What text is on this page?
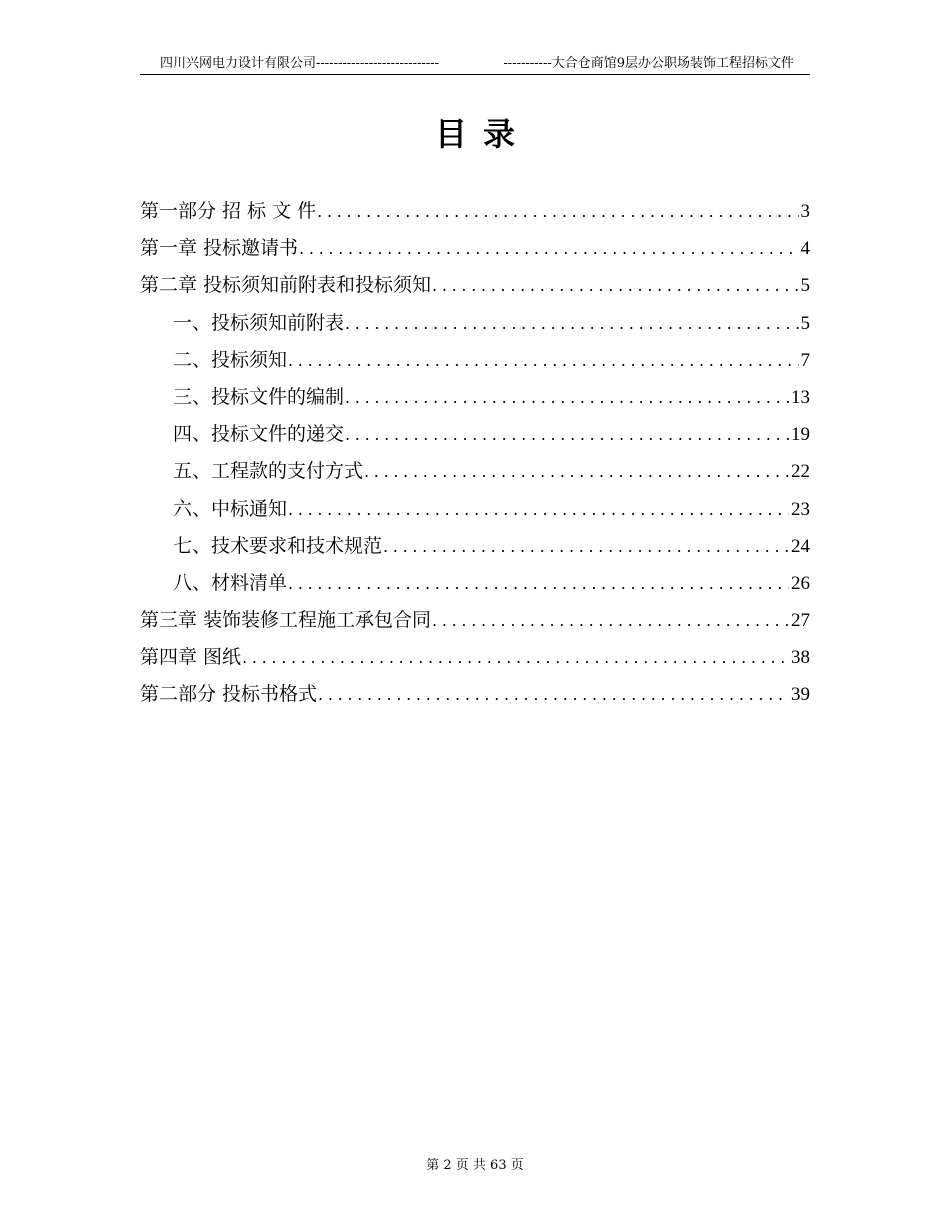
四川兴网电力设计有限公司----------------------------	-----------大合仓商馆9层办公职场装饰工程招标文件
目录
第一部分 招 标 文 件 .....	3
第一章 投标邀请书 .....	4
第二章 投标须知前附表和投标须知 .....	5
一、投标须知前附表 .....	5
二、投标须知 .....	7
三、投标文件的编制 .....	13
四、投标文件的递交 .....	19
五、工程款的支付方式 .....	22
六、中标通知 .....	23
七、技术要求和技术规范 .....	24
八、材料清单 .....	26
第三章 装饰装修工程施工承包合同 .....	27
第四章 图纸 .....	38
第二部分 投标书格式 .....	39
第 2 页 共 63 页
